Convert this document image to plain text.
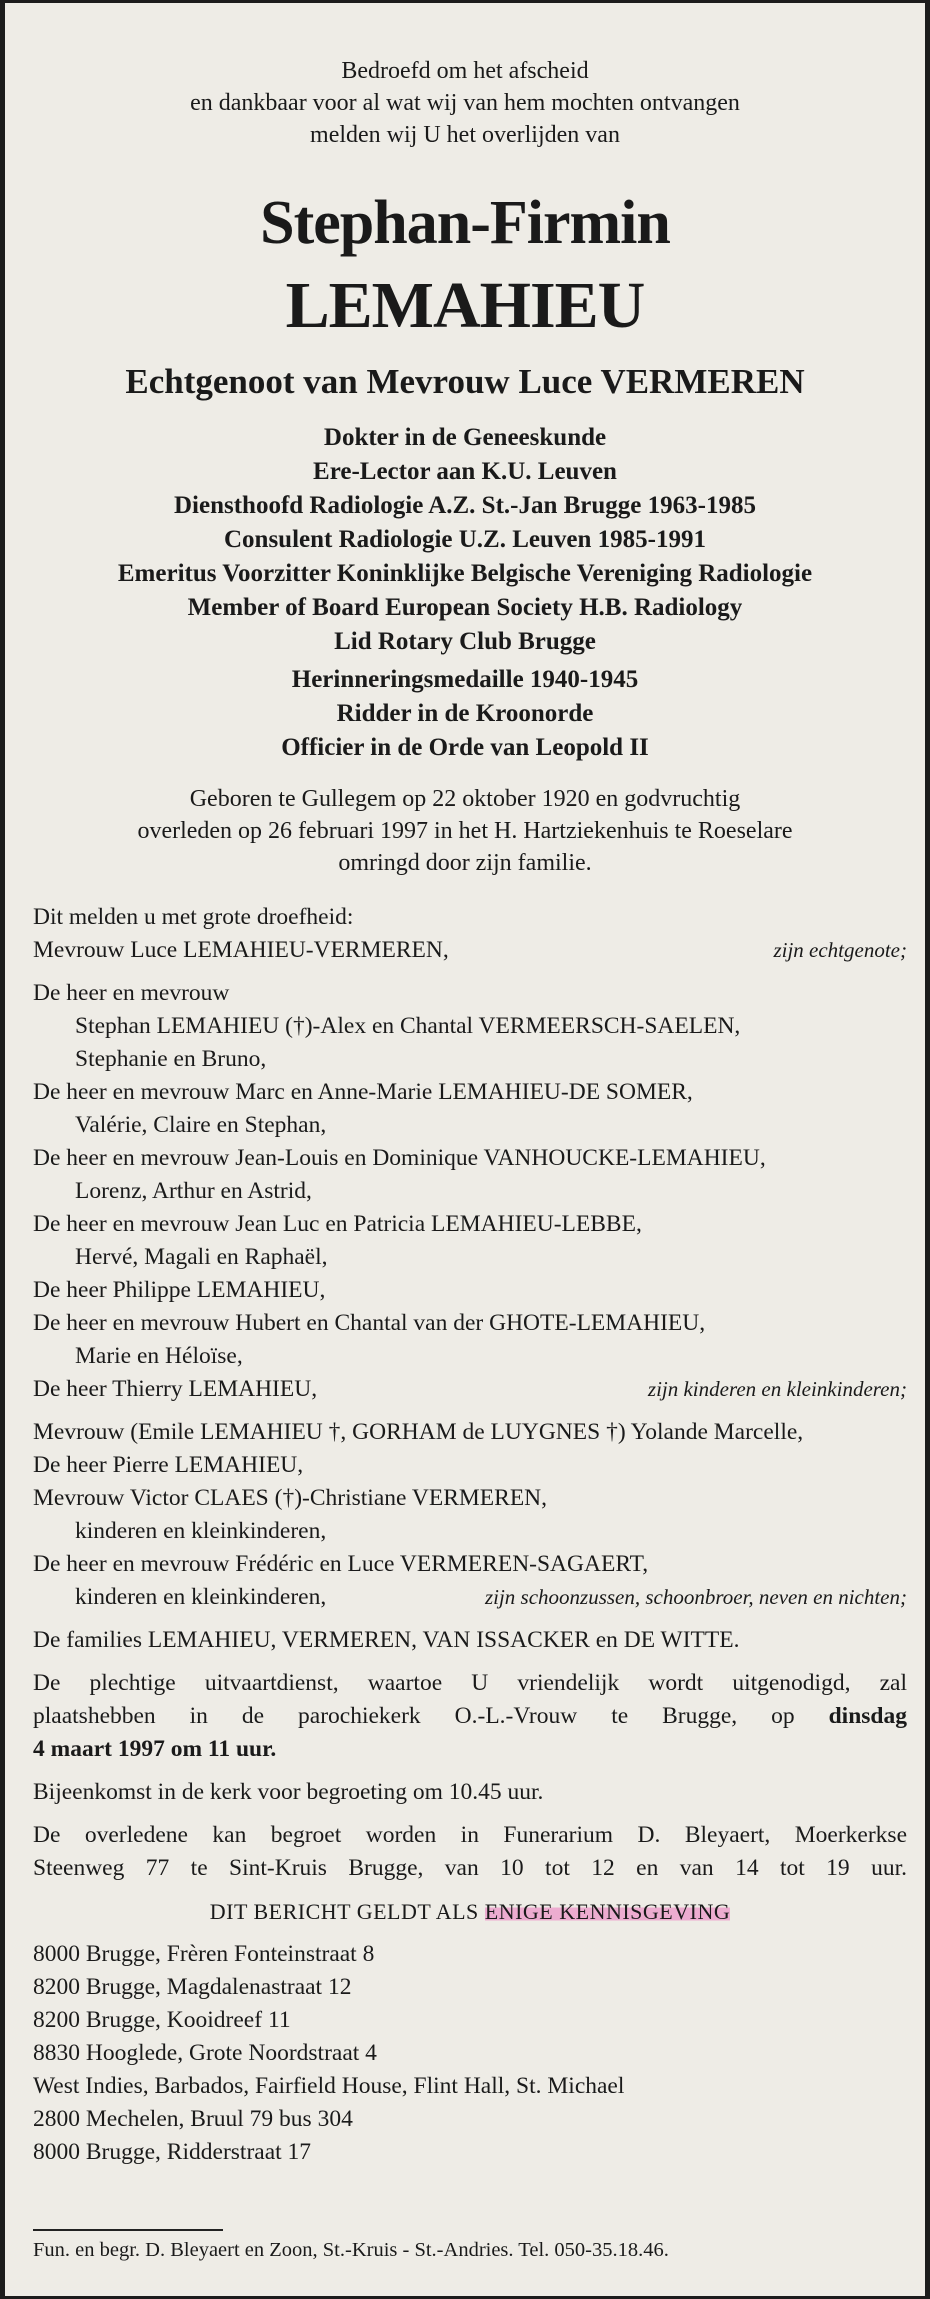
Bedroefd om het afscheid
en dankbaar voor al wat wij van hem mochten ontvangen
melden wij U het overlijden van
Stephan-Firmin
LEMAHIEU
Echtgenoot van Mevrouw Luce VERMEREN
Dokter in de Geneeskunde
Ere-Lector aan K.U. Leuven
Diensthoofd Radiologie A.Z. St.-Jan Brugge 1963-1985
Consulent Radiologie U.Z. Leuven 1985-1991
Emeritus Voorzitter Koninklijke Belgische Vereniging Radiologie
Member of Board European Society H.B. Radiology
Lid Rotary Club Brugge
Herinneringsmedaille 1940-1945
Ridder in de Kroonorde
Officier in de Orde van Leopold II
Geboren te Gullegem op 22 oktober 1920 en godvruchtig
overleden op 26 februari 1997 in het H. Hartziekenhuis te Roeselare
omringd door zijn familie.
Dit melden u met grote droefheid:
Mevrouw Luce LEMAHIEU-VERMEREN,	zijn echtgenote;
De heer en mevrouw
Stephan LEMAHIEU (†)-Alex en Chantal VERMEERSCH-SAELEN,
Stephanie en Bruno,
De heer en mevrouw Marc en Anne-Marie LEMAHIEU-DE SOMER,
Valérie, Claire en Stephan,
De heer en mevrouw Jean-Louis en Dominique VANHOUCKE-LEMAHIEU,
Lorenz, Arthur en Astrid,
De heer en mevrouw Jean Luc en Patricia LEMAHIEU-LEBBE,
Hervé, Magali en Raphaël,
De heer Philippe LEMAHIEU,
De heer en mevrouw Hubert en Chantal van der GHOTE-LEMAHIEU,
Marie en Héloïse,
De heer Thierry LEMAHIEU,	zijn kinderen en kleinkinderen;
Mevrouw (Emile LEMAHIEU †, GORHAM de LUYGNES †) Yolande Marcelle,
De heer Pierre LEMAHIEU,
Mevrouw Victor CLAES (†)-Christiane VERMEREN,
kinderen en kleinkinderen,
De heer en mevrouw Frédéric en Luce VERMEREN-SAGAERT,
kinderen en kleinkinderen,	zijn schoonzussen, schoonbroer, neven en nichten;
De families LEMAHIEU, VERMEREN, VAN ISSACKER en DE WITTE.
De plechtige uitvaartdienst, waartoe U vriendelijk wordt uitgenodigd, zal
plaatshebben in de parochiekerk O.-L.-Vrouw te Brugge, op dinsdag
4 maart 1997 om 11 uur.
Bijeenkomst in de kerk voor begroeting om 10.45 uur.
De overledene kan begroet worden in Funerarium D. Bleyaert, Moerkerkse
Steenweg 77 te Sint-Kruis Brugge, van 10 tot 12 en van 14 tot 19 uur.
DIT BERICHT GELDT ALS ENIGE KENNISGEVING
8000 Brugge, Frèren Fonteinstraat 8
8200 Brugge, Magdalenastraat 12
8200 Brugge, Kooidreef 11
8830 Hooglede, Grote Noordstraat 4
West Indies, Barbados, Fairfield House, Flint Hall, St. Michael
2800 Mechelen, Bruul 79 bus 304
8000 Brugge, Ridderstraat 17
Fun. en begr. D. Bleyaert en Zoon, St.-Kruis - St.-Andries. Tel. 050-35.18.46.
